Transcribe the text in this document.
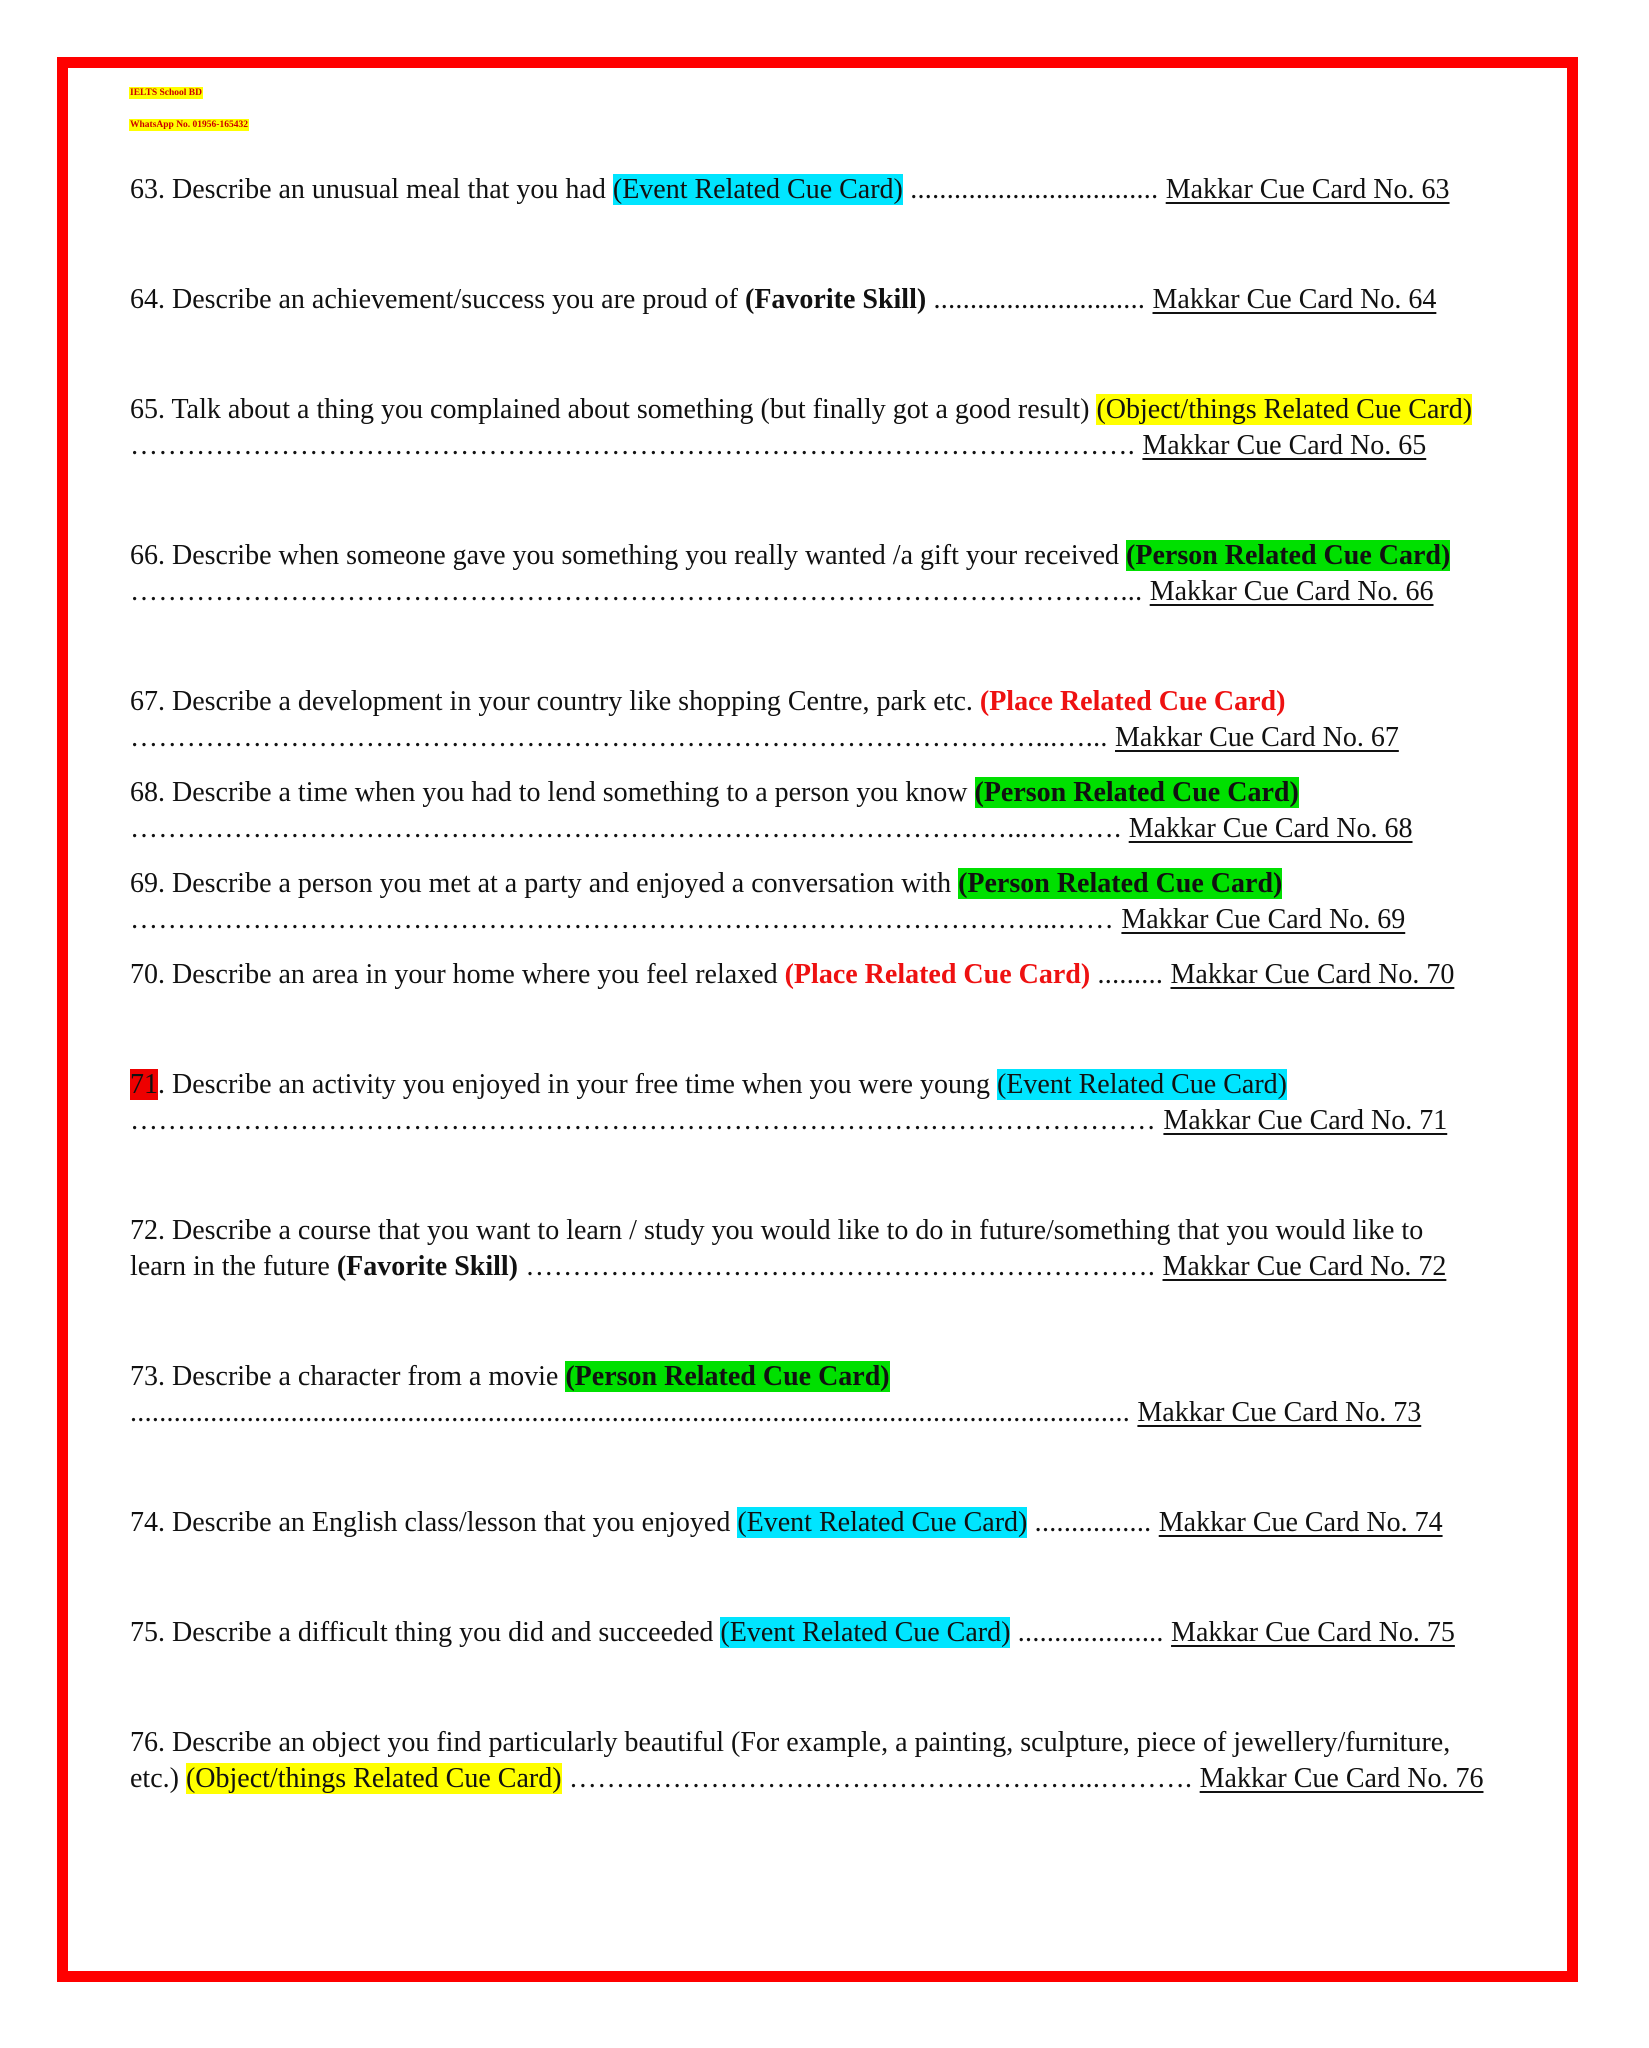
IELTS School BD
WhatsApp No. 01956-165432
63. Describe an unusual meal that you had (Event Related Cue Card) .................................. Makkar Cue Card No. 63
64. Describe an achievement/success you are proud of (Favorite Skill) ............................. Makkar Cue Card No. 64
65. Talk about a thing you complained about something (but finally got a good result) (Object/things Related Cue Card)
…………………………………………………………………………………….………. Makkar Cue Card No. 65
66. Describe when someone gave you something you really wanted /a gift your received (Person Related Cue Card)
……………………………………………………………………………………………... Makkar Cue Card No. 66
67. Describe a development in your country like shopping Centre, park etc. (Place Related Cue Card)
……………………………………………………………………………………...…... Makkar Cue Card No. 67
68. Describe a time when you had to lend something to a person you know (Person Related Cue Card)
…………………………………………………………………………………...………. Makkar Cue Card No. 68
69. Describe a person you met at a party and enjoyed a conversation with (Person Related Cue Card)
……………………………………………………………………………………...…… Makkar Cue Card No. 69
70. Describe an area in your home where you feel relaxed (Place Related Cue Card) ......... Makkar Cue Card No. 70
71. Describe an activity you enjoyed in your free time when you were young (Event Related Cue Card)
………………………………………………………………………….…………………… Makkar Cue Card No. 71
72. Describe a course that you want to learn / study you would like to do in future/something that you would like to
learn in the future (Favorite Skill) …………………………………………………………. Makkar Cue Card No. 72
73. Describe a character from a movie (Person Related Cue Card)
......................................................................................................................................... Makkar Cue Card No. 73
74. Describe an English class/lesson that you enjoyed (Event Related Cue Card) ................ Makkar Cue Card No. 74
75. Describe a difficult thing you did and succeeded (Event Related Cue Card) .................... Makkar Cue Card No. 75
76. Describe an object you find particularly beautiful (For example, a painting, sculpture, piece of jewellery/furniture,
etc.) (Object/things Related Cue Card) ………………………………………………...………. Makkar Cue Card No. 76
